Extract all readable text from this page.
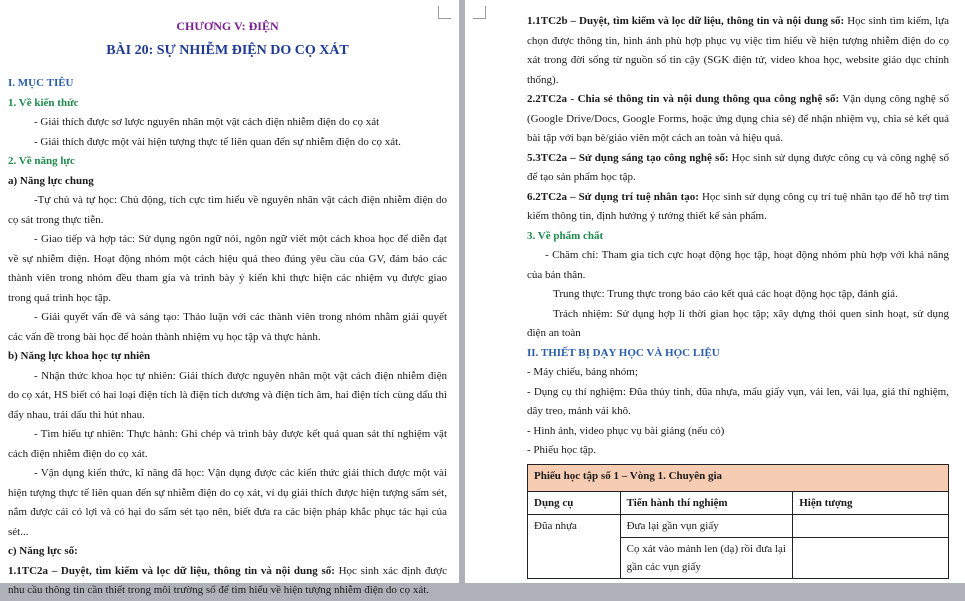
CHƯƠNG V: ĐIỆN
BÀI 20: SỰ NHIỄM ĐIỆN DO CỌ XÁT

I. MỤC TIÊU

1. Về kiến thức

- Giải thích được sơ lược nguyên nhân một vật cách điện nhiễm điện do cọ xát

- Giải thích được một vài hiện tượng thực tế liên quan đến sự nhiễm điện do cọ xát.

2. Về năng lực

a) Năng lực chung

-Tự chủ và tự học: Chủ động, tích cực tìm hiểu về nguyên nhân vật cách điện nhiễm điện do cọ sát trong thực tiễn.

- Giao tiếp và hợp tác: Sử dụng ngôn ngữ nói, ngôn ngữ viết một cách khoa học để diễn đạt về sự nhiễm điện. Hoạt động nhóm một cách hiệu quả theo đúng yêu cầu của GV, đảm bảo các thành viên trong nhóm đều tham gia và trình bày ý kiến khi thực hiện các nhiệm vụ được giao trong quá trình học tập.

- Giải quyết vấn đề và sáng tạo: Thảo luận với các thành viên trong nhóm nhằm giải quyết các vấn đề trong bài học để hoàn thành nhiệm vụ học tập và thực hành.

b) Năng lực khoa học tự nhiên

- Nhận thức khoa học tự nhiên: Giải thích được nguyên nhân một vật cách điện nhiễm điện do cọ xát, HS biết có hai loại điện tích là điện tích dương và điện tích âm, hai điện tích cùng dấu thì đẩy nhau, trái dấu thì hút nhau.

- Tìm hiểu tự nhiên: Thực hành: Ghi chép và trình bày được kết quả quan sát thí nghiệm vật cách điện nhiễm điện do cọ xát.

- Vận dụng kiến thức, kĩ năng đã học: Vận dụng được các kiến thức giải thích được một vài hiện tượng thực tế liên quan đến sự nhiễm điện do cọ xát, ví dụ giải thích được hiện tượng sấm sét, nắm được cái có lợi và có hại do sấm sét tạo nên, biết đưa ra các biện pháp khắc phục tác hại của sét...

c) Năng lực số:

1.1TC2a – Duyệt, tìm kiếm và lọc dữ liệu, thông tin và nội dung số: Học sinh xác định được nhu cầu thông tin cần thiết trong môi trường số để tìm hiểu về hiện tượng nhiễm điện do cọ xát.

1.1TC2b – Duyệt, tìm kiếm và lọc dữ liệu, thông tin và nội dung số: Học sinh tìm kiếm, lựa chọn được thông tin, hình ảnh phù hợp phục vụ việc tìm hiểu về hiện tượng nhiễm điện do cọ xát trong đời sống từ nguồn số tin cậy (SGK điện tử, video khoa học, website giáo dục chính thống).

2.2TC2a - Chia sẻ thông tin và nội dung thông qua công nghệ số: Vận dụng công nghệ số (Google Drive/Docs, Google Forms, hoặc ứng dụng chia sẻ) để nhận nhiệm vụ, chia sẻ kết quả bài tập với bạn bè/giáo viên một cách an toàn và hiệu quả.

5.3TC2a – Sử dụng sáng tạo công nghệ số: Học sinh sử dụng được công cụ và công nghệ số để tạo sản phẩm học tập.

6.2TC2a – Sử dụng trí tuệ nhân tạo: Học sinh sử dụng công cụ trí tuệ nhân tạo để hỗ trợ tìm kiếm thông tin, định hướng ý tưởng thiết kế sản phẩm.

3. Về phẩm chất

- Chăm chỉ: Tham gia tích cực hoạt động học tập, hoạt động nhóm phù hợp với khả năng của bản thân.

Trung thực: Trung thực trong báo cáo kết quả các hoạt động học tập, đánh giá.

Trách nhiệm: Sử dụng hợp lí thời gian học tập; xây dựng thói quen sinh hoạt, sử dụng điện an toàn

II. THIẾT BỊ DẠY HỌC VÀ HỌC LIỆU

- Máy chiếu, bảng nhóm;

- Dụng cụ thí nghiệm: Đũa thủy tinh, đũa nhựa, mẩu giấy vụn, vải len, vải lụa, giá thí nghiệm, dây treo, mảnh vải khô.

- Hình ảnh, video phục vụ bài giảng (nếu có)

- Phiếu học tập.

Phiếu học tập số 1 – Vòng 1. Chuyên gia		
Dụng cụ	Tiến hành thí nghiệm	Hiện tượng
Đũa nhựa	Đưa lại gần vụn giấy	
	Cọ xát vào mảnh len (dạ) rồi đưa lại gần các vụn giấy	
